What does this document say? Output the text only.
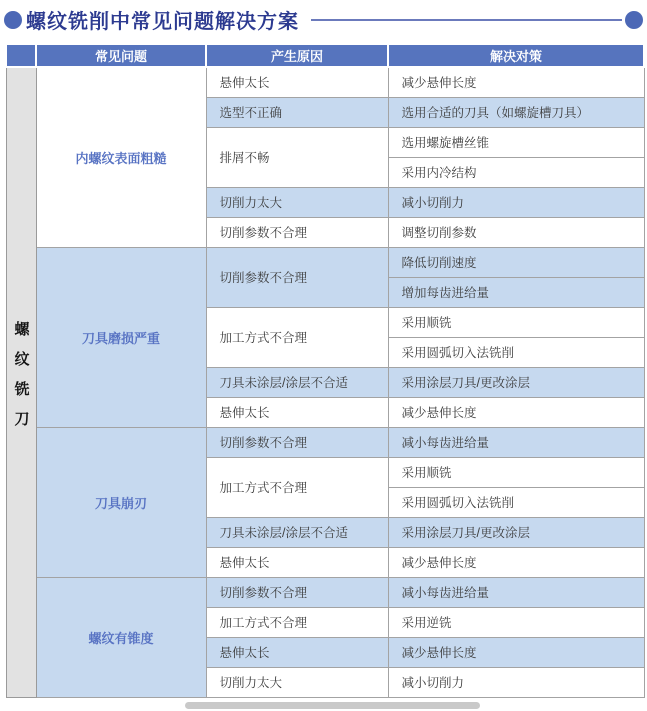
螺纹铣削中常见问题解决方案
	常见问题	产生原因	解决对策
螺纹铣刀	内螺纹表面粗糙	悬伸太长	减少悬伸长度
		选型不正确	选用合适的刀具（如螺旋槽刀具）
		排屑不畅	选用螺旋槽丝锥
			采用内冷结构
		切削力太大	减小切削力
		切削参数不合理	调整切削参数
	刀具磨损严重	切削参数不合理	降低切削速度
			增加每齿进给量
		加工方式不合理	采用顺铣
			采用圆弧切入法铣削
		刀具未涂层/涂层不合适	采用涂层刀具/更改涂层
		悬伸太长	减少悬伸长度
	刀具崩刃	切削参数不合理	减小每齿进给量
		加工方式不合理	采用顺铣
			采用圆弧切入法铣削
		刀具未涂层/涂层不合适	采用涂层刀具/更改涂层
		悬伸太长	减少悬伸长度
	螺纹有锥度	切削参数不合理	减小每齿进给量
		加工方式不合理	采用逆铣
		悬伸太长	减少悬伸长度
		切削力太大	减小切削力
